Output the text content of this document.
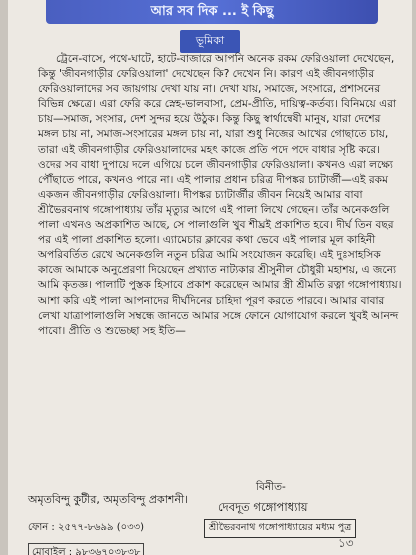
আর সব দিক ... ই কিছু
ভূমিকা

ট্রেনে-বাসে, পথে-ঘাটে, হাটে-বাজারে আপনি অনেক রকম ফেরিওয়ালা দেখেছেন, কিন্তু 'জীবনগাড়ীর ফেরিওয়ালা' দেখেছেন কি? দেখেন নি। কারণ এই জীবনগাড়ীর ফেরিওয়ালাদের সব জায়গায় দেখা যায় না। দেখা যায়, সমাজে, সংসারে, প্রশাসনের বিভিন্ন ক্ষেত্রে। এরা ফেরি করে স্নেহ-ভালবাসা, প্রেম-প্রীতি, দায়িত্ব-কর্তব্য। বিনিময়ে এরা চায়—সমাজ, সংসার, দেশ সুন্দর হয়ে উঠুক। কিন্তু কিছু স্বার্থান্বেষী মানুষ, যারা দেশের মঙ্গল চায় না, সমাজ-সংসারের মঙ্গল চায় না, যারা শুধু নিজের আখের গোছাতে চায়, তারা এই জীবনগাড়ীর ফেরিওয়ালাদের মহৎ কাজে প্রতি পদে পদে বাধার সৃষ্টি করে। ওদের সব বাধা দুপায়ে দলে এগিয়ে চলে জীবনগাড়ীর ফেরিওয়ালা। কখনও এরা লক্ষ্যে পৌঁছাতে পারে, কখনও পারে না। এই পালার প্রধান চরিত্র দীপঙ্কর চ্যাটার্জী—এই রকম একজন জীবনগাড়ীর ফেরিওয়ালা। দীপঙ্কর চ্যাটার্জীর জীবন নিয়েই আমার বাবা শ্রীভৈরবনাথ গঙ্গোপাধ্যায় তাঁর মৃত্যুর আগে এই পালা লিখে গেছেন। তাঁর অনেকগুলি পালা এখনও অপ্রকাশিত আছে, সে পালাগুলি খুব শীঘ্রই প্রকাশিত হবে। দীর্ঘ তিন বছর পর এই পালা প্রকাশিত হলো। এ্যামেচার ক্লাবের কথা ভেবে এই পালার মূল কাহিনী অপরিবর্তিত রেখে অনেকগুলি নতুন চরিত্র আমি সংযোজন করেছি। এই দুঃসাহসিক কাজে আমাকে অনুপ্রেরণা দিয়েছেন প্রখ্যাত নাট্যকার শ্রীসুনীল চৌধুরী মহাশয়, এ জন্যে আমি কৃতজ্ঞ। পালাটি পুস্তক হিসাবে প্রকাশ করেছেন আমার স্ত্রী শ্রীমতি রত্না গঙ্গোপাধ্যায়। আশা করি এই পালা আপনাদের দীর্ঘদিনের চাহিদা পূরণ করতে পারবে। আমার বাবার লেখা যাত্রাপালাগুলি সম্বন্ধে জানতে আমার সঙ্গে ফোনে যোগাযোগ করলে খুবই আনন্দ পাবো। প্রীতি ও শুভেচ্ছা সহ ইতি—

বিনীত-
দেবদূত গঙ্গোপাধ্যায়
শ্রীভৈরবনাথ গঙ্গোপাধ্যায়ের মধ্যম পুত্র
অমৃতবিন্দু কুটীর, অমৃতবিন্দু প্রকাশনী।
ফোন : ২৫৭৭-৮৬৯৯ (০৩৩)
মোবাইল : ৯৮৩৬৭০৩৮৩৮
১৩
